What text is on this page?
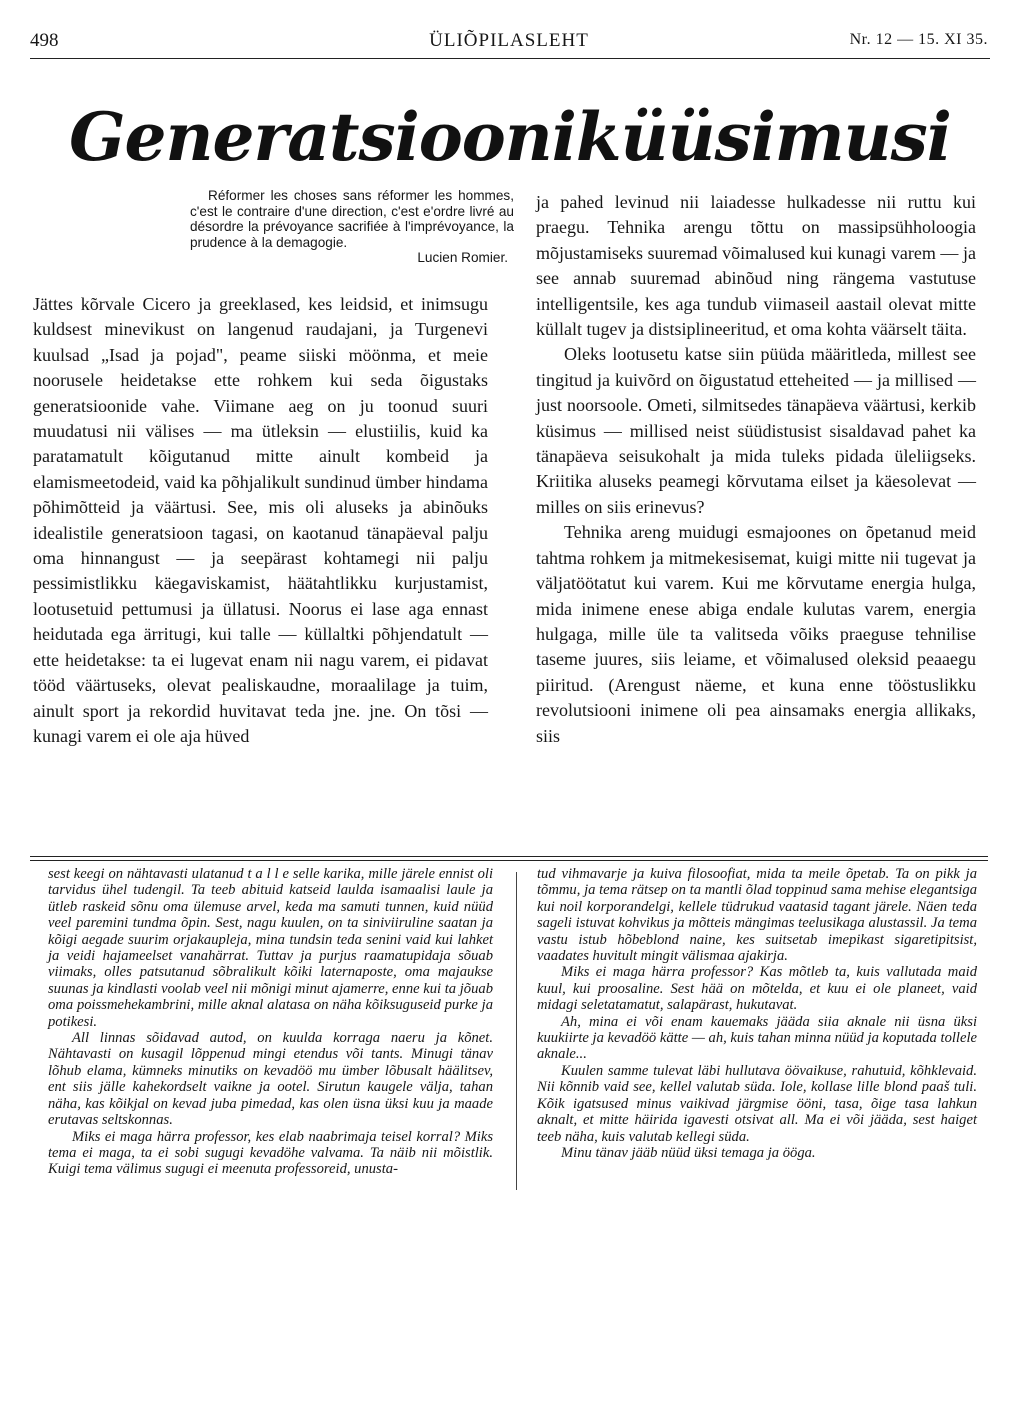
498	ÜLIÕPILASLEHT	Nr. 12 — 15. XI 35.
Generatsiooniküüsimusi
Réformer les choses sans réformer les hommes, c'est le contraire d'une direction, c'est e'ordre livré au désordre la prévoyance sacrifiée à l'imprévoyance, la prudence à la demagogie.
Lucien Romier.

Jättes kõrvale Cicero ja greeklased, kes leidsid, et inimsugu kuldsest minevikust on langenud raudajani, ja Turgenevi kuulsad „Isad ja pojad", peame siiski möönma, et meie noorusele heidetakse ette rohkem kui seda õigustaks generatsioonide vahe. Viimane aeg on ju toonud suuri muudatusi nii välises — ma ütleksin — elustiilis, kuid ka paratamatult kõigutanud mitte ainult kombeid ja elamismeetodeid, vaid ka põhjalikult sundinud ümber hindama põhimõtteid ja väärtusi. See, mis oli aluseks ja abinõuks idealistile generatsioon tagasi, on kaotanud tänapäeval palju oma hinnangust — ja seepärast kohtamegi nii palju pessimistlikku käegaviskamist, häätahtlikku kurjustamist, lootusetuid pettumusi ja üllatusi. Noorus ei lase aga ennast heidutada ega ärritugi, kui talle — küllaltki põhjendatult — ette heidetakse: ta ei lugevat enam nii nagu varem, ei pidavat tööd väärtuseks, olevat pealiskaudne, moraalilage ja tuim, ainult sport ja rekordid huvitavat teda jne. jne. On tõsi — kunagi varem ei ole aja hüved

ja pahed levinud nii laiadesse hulkadesse nii ruttu kui praegu. Tehnika arengu tõttu on massipsühholoogia mõjustamiseks suuremad võimalused kui kunagi varem — ja see annab suuremad abinõud ning rängema vastutuse intelligentsile, kes aga tundub viimaseil aastail olevat mitte küllalt tugev ja distsiplineeritud, et oma kohta väärselt täita.

Oleks lootusetu katse siin püüda määritleda, millest see tingitud ja kuivõrd on õigustatud etteheited — ja millised — just noorsoole. Ometi, silmitsedes tänapäeva väärtusi, kerkib küsimus — millised neist süüdistusist sisaldavad pahet ka tänapäeva seisukohalt ja mida tuleks pidada üleliigseks. Kriitika aluseks peamegi kõrvutama eilset ja käesolevat — milles on siis erinevus?

Tehnika areng muidugi esmajoones on õpetanud meid tahtma rohkem ja mitmekesisemat, kuigi mitte nii tugevat ja väljatöötatut kui varem. Kui me kõrvutame energia hulga, mida inimene enese abiga endale kulutas varem, energia hulgaga, mille üle ta valitseda võiks praeguse tehnilise taseme juures, siis leiame, et võimalused oleksid peaaegu piiritud. (Arengust näeme, et kuna enne tööstuslikku revolutsiooni inimene oli pea ainsamaks energia allikaks, siis

sest keegi on nähtavasti ulatanud t a l l e selle karika, mille järele ennist oli tarvidus ühel tudengil. Ta teeb abituid katseid laulda isamaalisi laule ja ütleb raskeid sõnu oma ülemuse arvel, keda ma samuti tunnen, kuid nüüd veel paremini tundma õpin. Sest, nagu kuulen, on ta siniviiruline saatan ja kõigi aegade suurim orjakaupleja, mina tundsin teda senini vaid kui lahket ja veidi hajameelset vanahärrat. Tuttav ja purjus raamatupidaja sõuab viimaks, olles patsutanud sõbralikult kõiki laternaposte, oma majaukse suunas ja kindlasti voolab veel nii mõnigi minut ajamerre, enne kui ta jõuab oma poissmehekambrini, mille aknal alatasa on näha kõiksuguseid purke ja potikesi.

All linnas sõidavad autod, on kuulda korraga naeru ja kõnet. Nähtavasti on kusagil lõppenud mingi etendus või tants. Minugi tänav lõhub elama, kümneks minutiks on kevadöö mu ümber lõbusalt häälitsev, ent siis jälle kahekordselt vaikne ja ootel. Sirutun kaugele välja, tahan näha, kas kõikjal on kevad juba pimedad, kas olen üsna üksi kuu ja maade erutavas seltskonnas.

Miks ei maga härra professor, kes elab naabrimaja teisel korral? Miks tema ei maga, ta ei sobi sugugi kevadöhe valvama. Ta näib nii mõistlik. Kuigi tema välimus sugugi ei meenuta professoreid, unusta-

tud vihmavarje ja kuiva filosoofiat, mida ta meile õpetab. Ta on pikk ja tõmmu, ja tema rätsep on ta mantli õlad toppinud sama mehise elegantsiga kui noil korporandelgi, kellele tüdrukud vaatasid tagant järele. Näen teda sageli istuvat kohvikus ja mõtteis mängimas teelusikaga alustassil. Ja tema vastu istub hõbeblond naine, kes suitsetab imepikast sigaretipitsist, vaadates huvitult mingit välismaa ajakirja.

Miks ei maga härra professor? Kas mõtleb ta, kuis vallutada maid kuul, kui proosaline. Sest hää on mõtelda, et kuu ei ole planeet, vaid midagi seletatamatut, salapärast, hukutavat.

Ah, mina ei või enam kauemaks jääda siia aknale nii üsna üksi kuukiirte ja kevadöö kätte — ah, kuis tahan minna nüüd ja koputada tollele aknale...

Kuulen samme tulevat läbi hullutava öövaikuse, rahutuid, kõhklevaid. Nii kõnnib vaid see, kellel valutab süda. Iole, kollase lille blond paaš tuli. Kõik igatsused minus vaikivad järgmise ööni, tasa, õige tasa lahkun aknalt, et mitte häirida igavesti otsivat all. Ma ei või jääda, sest haiget teeb näha, kuis valutab kellegi süda.

Minu tänav jääb nüüd üksi temaga ja ööga.
